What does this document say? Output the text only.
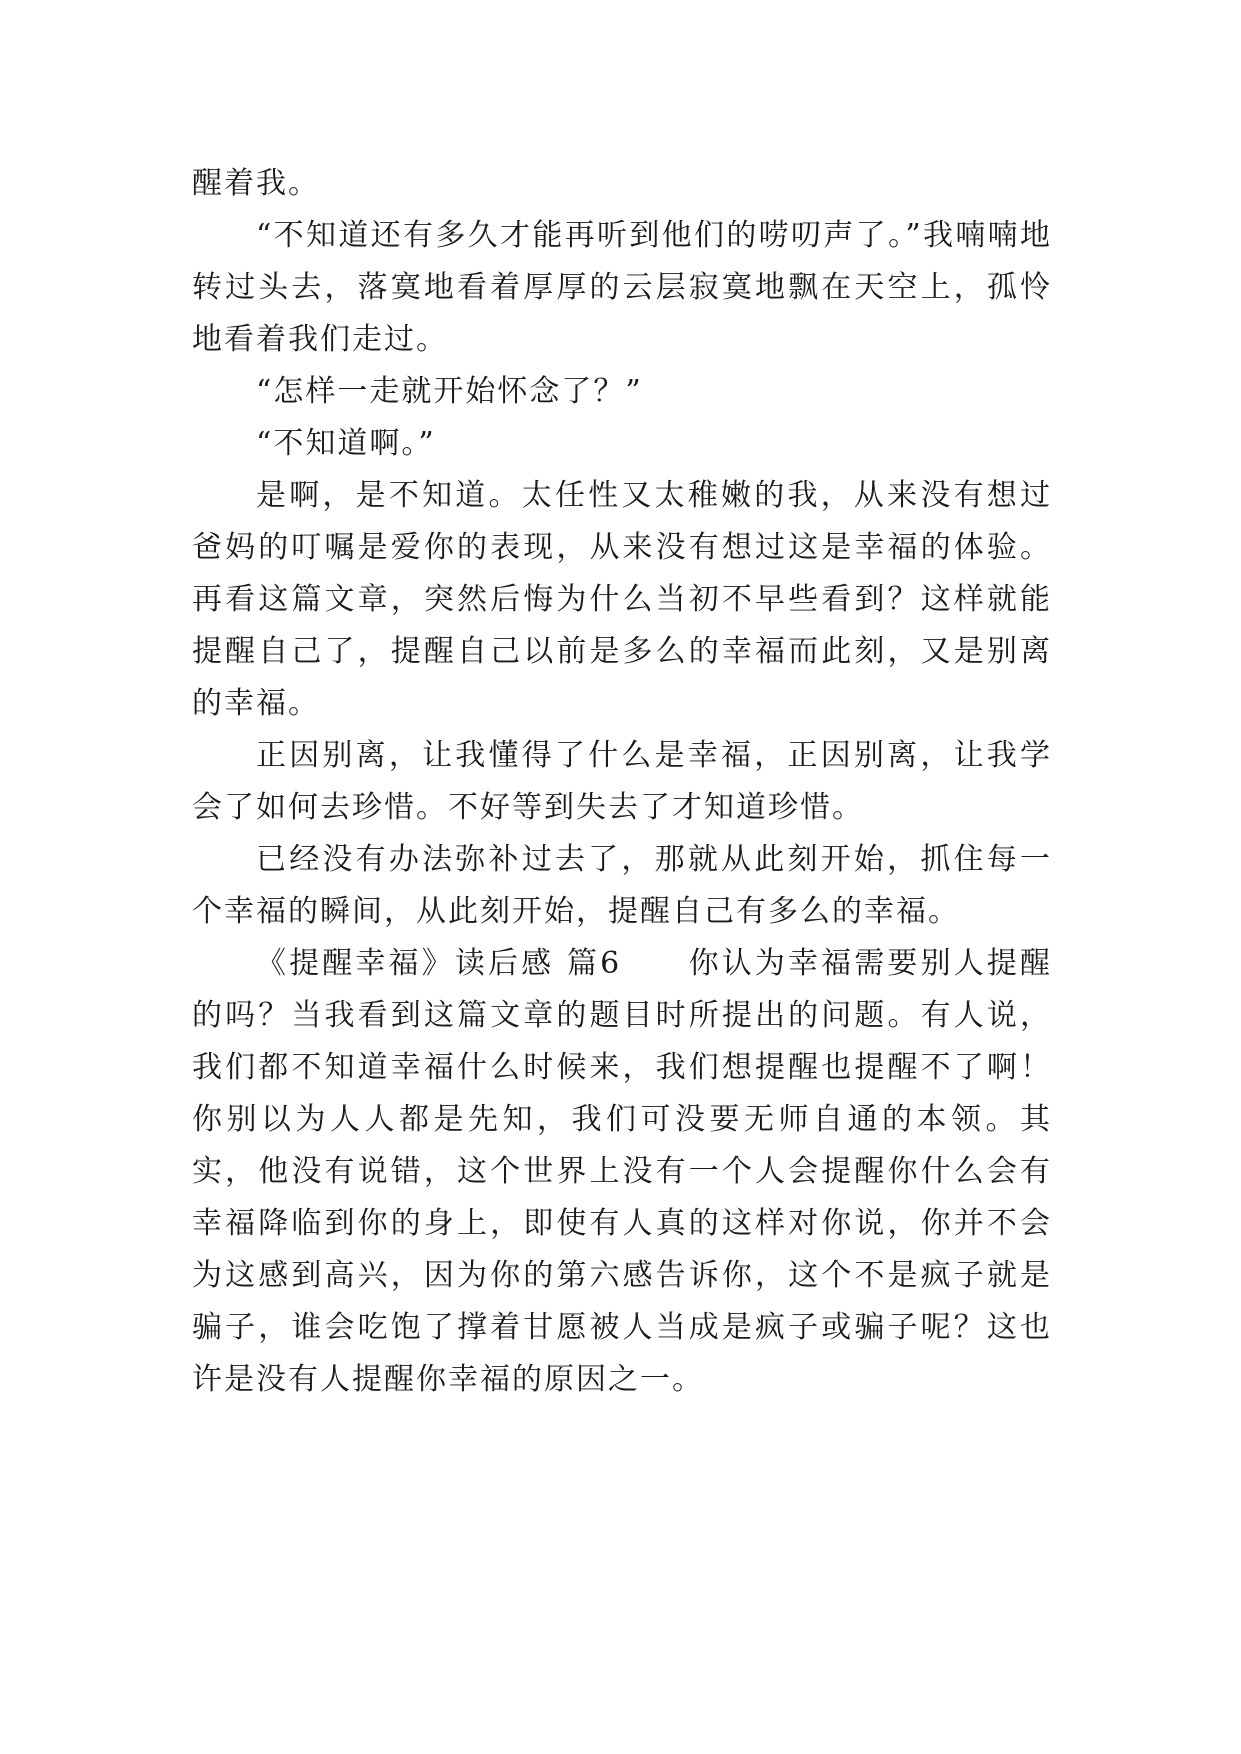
醒着我。

“不知道还有多久才能再听到他们的唠叨声了。”我喃喃地转过头去，落寞地看着厚厚的云层寂寞地飘在天空上，孤怜地看着我们走过。

“怎样一走就开始怀念了？”

“不知道啊。”

是啊，是不知道。太任性又太稚嫩的我，从来没有想过爸妈的叮嘱是爱你的表现，从来没有想过这是幸福的体验。再看这篇文章，突然后悔为什么当初不早些看到？这样就能提醒自己了，提醒自己以前是多么的幸福而此刻，又是别离的幸福。

正因别离，让我懂得了什么是幸福，正因别离，让我学会了如何去珍惜。不好等到失去了才知道珍惜。

已经没有办法弥补过去了，那就从此刻开始，抓住每一个幸福的瞬间，从此刻开始，提醒自己有多么的幸福。

《提醒幸福》读后感 篇6　　你认为幸福需要别人提醒的吗？当我看到这篇文章的题目时所提出的问题。有人说，我们都不知道幸福什么时候来，我们想提醒也提醒不了啊！你别以为人人都是先知，我们可没要无师自通的本领。其实，他没有说错，这个世界上没有一个人会提醒你什么会有幸福降临到你的身上，即使有人真的这样对你说，你并不会为这感到高兴，因为你的第六感告诉你，这个不是疯子就是骗子，谁会吃饱了撑着甘愿被人当成是疯子或骗子呢？这也许是没有人提醒你幸福的原因之一。
